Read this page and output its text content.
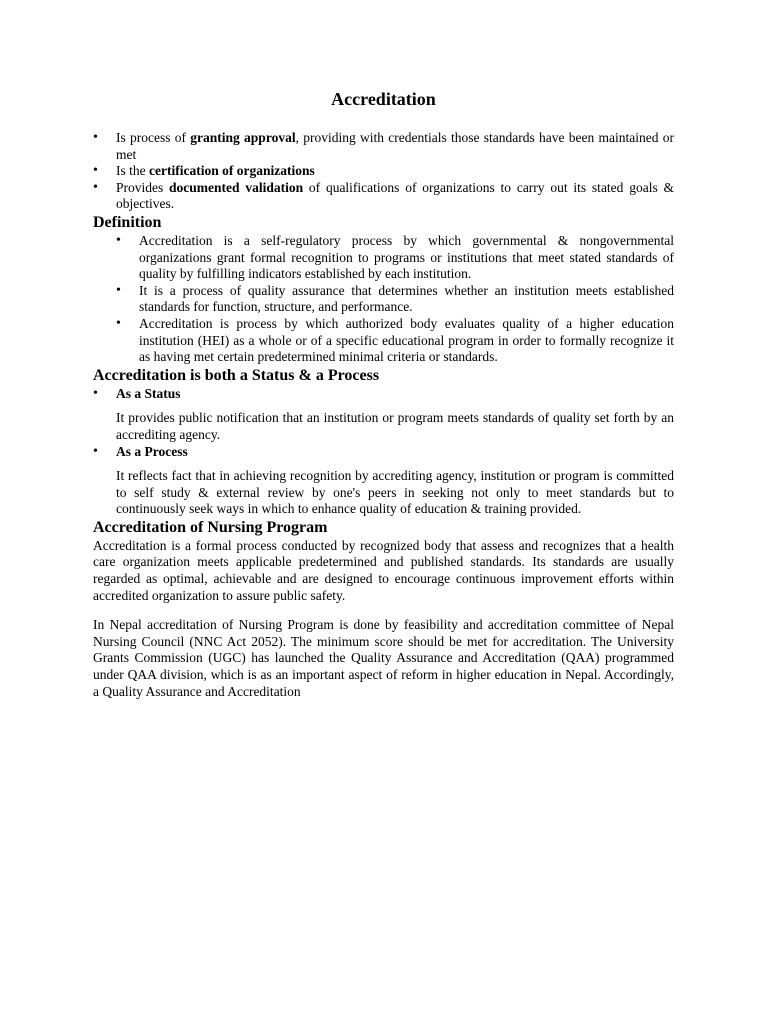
Accreditation
• Is process of granting approval, providing with credentials those standards have been maintained or met
• Is the certification of organizations
• Provides documented validation of qualifications of organizations to carry out its stated goals & objectives.
Definition
• Accreditation is a self-regulatory process by which governmental & nongovernmental organizations grant formal recognition to programs or institutions that meet stated standards of quality by fulfilling indicators established by each institution.
• It is a process of quality assurance that determines whether an institution meets established standards for function, structure, and performance.
• Accreditation is process by which authorized body evaluates quality of a higher education institution (HEI) as a whole or of a specific educational program in order to formally recognize it as having met certain predetermined minimal criteria or standards.
Accreditation is both a Status & a Process
• As a Status

It provides public notification that an institution or program meets standards of quality set forth by an accrediting agency.

• As a Process

It reflects fact that in achieving recognition by accrediting agency, institution or program is committed to self study & external review by one's peers in seeking not only to meet standards but to continuously seek ways in which to enhance quality of education & training provided.

Accreditation of Nursing Program

Accreditation is a formal process conducted by recognized body that assess and recognizes that a health care organization meets applicable predetermined and published standards. Its standards are usually regarded as optimal, achievable and are designed to encourage continuous improvement efforts within accredited organization to assure public safety.

In Nepal accreditation of Nursing Program is done by feasibility and accreditation committee of Nepal Nursing Council (NNC Act 2052). The minimum score should be met for accreditation. The University Grants Commission (UGC) has launched the Quality Assurance and Accreditation (QAA) programmed under QAA division, which is as an important aspect of reform in higher education in Nepal. Accordingly, a Quality Assurance and Accreditation
